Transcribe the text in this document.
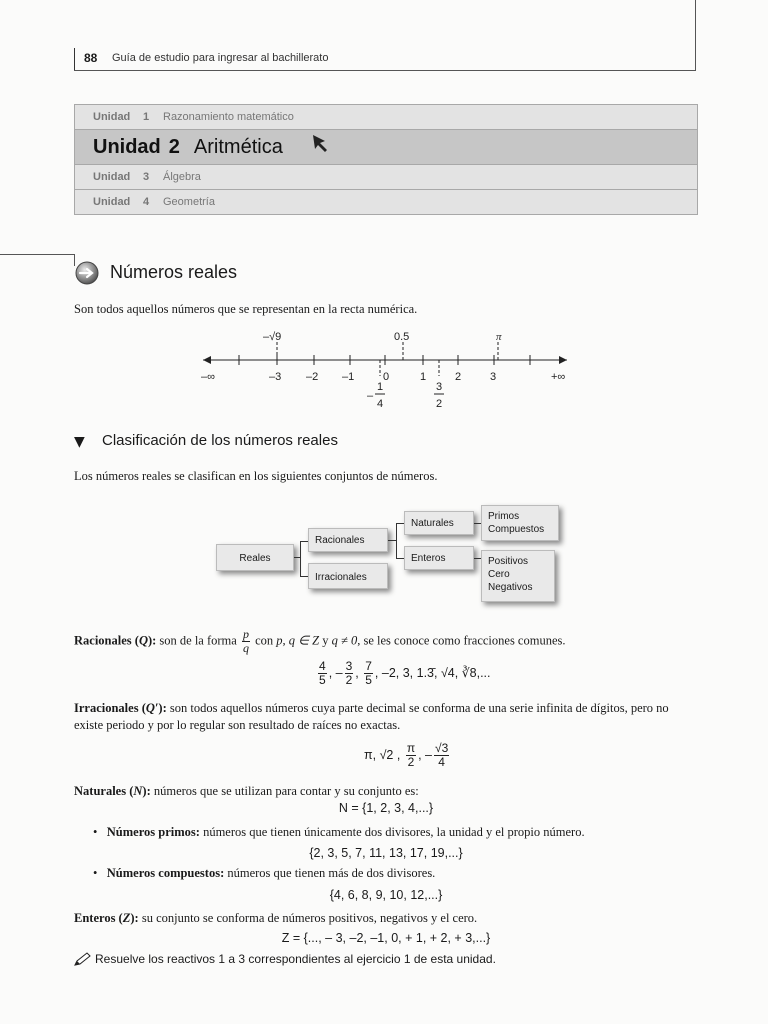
88 Guía de estudio para ingresar al bachillerato
Unidad	1	Razonamiento matemático
Unidad 2 Aritmética
Unidad	3	Álgebra
Unidad	4	Geometría
Números reales
Son todos aquellos números que se representan en la recta numérica.
–∞	–3 –2 –1	0	1	2	3	+∞
–√9	0.5	π
–
1
4
3
2
▼ Clasificación de los números reales
Los números reales se clasifican en los siguientes conjuntos de números.
Reales
Racionales
Irracionales
Naturales
Enteros
Primos
Compuestos
Positivos
Cero
Negativos
Racionales (Q): son de la forma $\frac{p}{q}$ con p, q ∈ Z y q ≠ 0, se les conoce como fracciones comunes.
$\frac{4}{5}$ , – $\frac{3}{2}$ , $\frac{7}{5}$ , –2, 3, 1.3̄, √4, ∛8,...
Irracionales (Q′): son todos aquellos números cuya parte decimal se conforma de una serie infinita de dígitos, pero no existe periodo y por lo regular son resultado de raíces no exactas.
π, √2 , $\frac{\pi}{2}$ , – $\frac{√3}{4}$
Naturales (N): números que se utilizan para contar y su conjunto es:
N = {1, 2, 3, 4,...}
•   Números primos: números que tienen únicamente dos divisores, la unidad y el propio número.
{2, 3, 5, 7, 11, 13, 17, 19,...}
•   Números compuestos: números que tienen más de dos divisores.
{4, 6, 8, 9, 10, 12,...}
Enteros (Z): su conjunto se conforma de números positivos, negativos y el cero.
Z = {..., – 3, –2, –1, 0, + 1, + 2, + 3,...}
Resuelve los reactivos 1 a 3 correspondientes al ejercicio 1 de esta unidad.
